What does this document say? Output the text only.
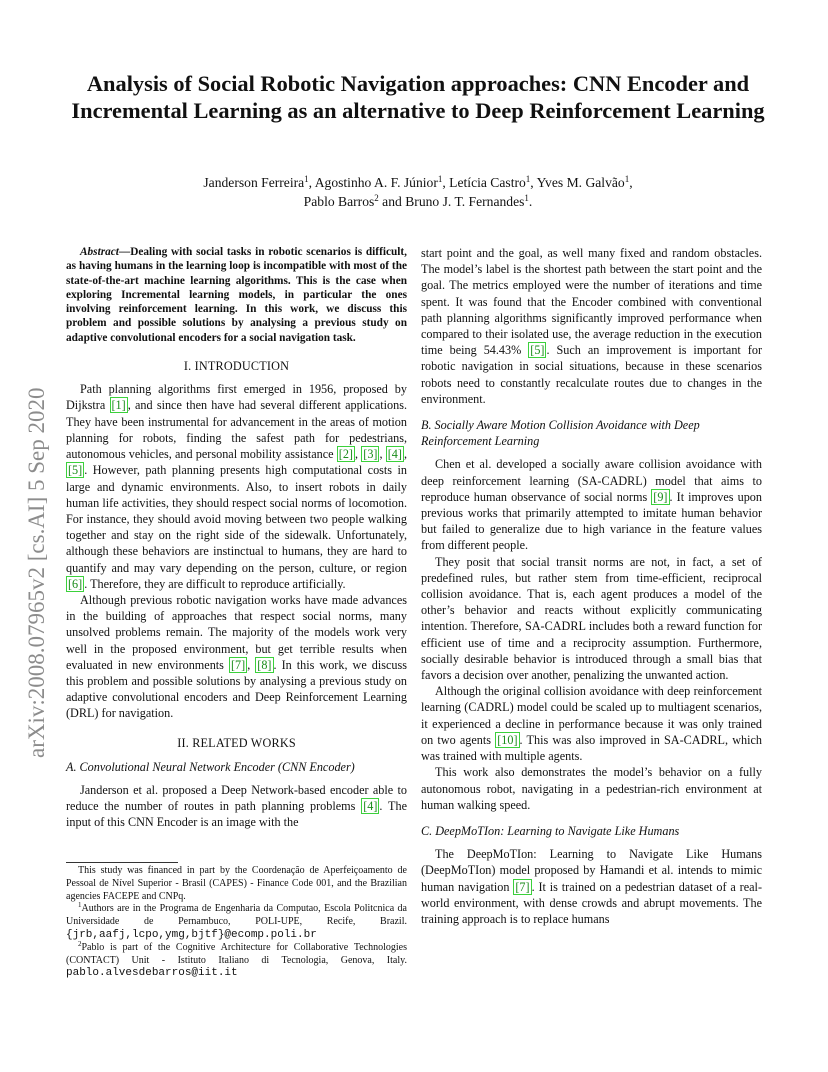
arXiv:2008.07965v2 [cs.AI] 5 Sep 2020
Analysis of Social Robotic Navigation approaches: CNN Encoder and Incremental Learning as an alternative to Deep Reinforcement Learning
Janderson Ferreira$^1$, Agostinho A. F. Júnior$^1$, Letícia Castro$^1$, Yves M. Galvão$^1$,
Pablo Barros$^2$ and Bruno J. T. Fernandes$^1$.

Abstract—Dealing with social tasks in robotic scenarios is difficult, as having humans in the learning loop is incompatible with most of the state-of-the-art machine learning algorithms. This is the case when exploring Incremental learning models, in particular the ones involving reinforcement learning. In this work, we discuss this problem and possible solutions by analysing a previous study on adaptive convolutional encoders for a social navigation task.

I. INTRODUCTION

Path planning algorithms first emerged in 1956, proposed by Dijkstra [1] , and since then have had several different applications. They have been instrumental for advancement in the areas of motion planning for robots, finding the safest path for pedestrians, autonomous vehicles, and personal mobility assistance [2] , [3] , [4] , [5] . However, path planning presents high computational costs in large and dynamic environments. Also, to insert robots in daily human life activities, they should respect social norms of locomotion. For instance, they should avoid moving between two people walking together and stay on the right side of the sidewalk. Unfortunately, although these behaviors are instinctual to humans, they are hard to quantify and may vary depending on the person, culture, or region [6] . Therefore, they are difficult to reproduce artificially.

Although previous robotic navigation works have made advances in the building of approaches that respect social norms, many unsolved problems remain. The majority of the models work very well in the proposed environment, but get terrible results when evaluated in new environments [7] , [8] . In this work, we discuss this problem and possible solutions by analysing a previous study on adaptive convolutional encoders and Deep Reinforcement Learning (DRL) for navigation.

II. RELATED WORKS
A. Convolutional Neural Network Encoder (CNN Encoder)

Janderson et al. proposed a Deep Network-based encoder able to reduce the number of routes in path planning problems [4] . The input of this CNN Encoder is an image with the

start point and the goal, as well many fixed and random obstacles. The model’s label is the shortest path between the start point and the goal. The metrics employed were the number of iterations and time spent. It was found that the Encoder combined with conventional path planning algorithms significantly improved performance when compared to their isolated use, the average reduction in the execution time being 54.43% [5] . Such an improvement is important for robotic navigation in social situations, because in these scenarios robots need to constantly recalculate routes due to changes in the environment.

B. Socially Aware Motion Collision Avoidance with Deep Reinforcement Learning

Chen et al. developed a socially aware collision avoidance with deep reinforcement learning (SA-CADRL) model that aims to reproduce human observance of social norms [9] . It improves upon previous works that primarily attempted to imitate human behavior but failed to generalize due to high variance in the feature values from different people.

They posit that social transit norms are not, in fact, a set of predefined rules, but rather stem from time-efficient, reciprocal collision avoidance. That is, each agent produces a model of the other’s behavior and reacts without explicitly communicating intention. Therefore, SA-CADRL includes both a reward function for efficient use of time and a reciprocity assumption. Furthermore, socially desirable behavior is introduced through a small bias that favors a decision over another, penalizing the unwanted action.

Although the original collision avoidance with deep reinforcement learning (CADRL) model could be scaled up to multiagent scenarios, it experienced a decline in performance because it was only trained on two agents [10] . This was also improved in SA-CADRL, which was trained with multiple agents.

This work also demonstrates the model’s behavior on a fully autonomous robot, navigating in a pedestrian-rich environment at human walking speed.

C. DeepMoTIon: Learning to Navigate Like Humans

The DeepMoTIon: Learning to Navigate Like Humans (DeepMoTIon) model proposed by Hamandi et al. intends to mimic human navigation [7] . It is trained on a pedestrian dataset of a real-world environment, with dense crowds and abrupt movements. The training approach is to replace humans

This study was financed in part by the Coordenação de Aperfeiçoamento de Pessoal de Nível Superior - Brasil (CAPES) - Finance Code 001, and the Brazilian agencies FACEPE and CNPq.

$^1$Authors are in the Programa de Engenharia da Computao, Escola Politcnica da Universidade de Pernambuco, POLI-UPE, Recife, Brazil. {jrb,aafj,lcpo,ymg,bjtf}@ecomp.poli.br

$^2$Pablo is part of the Cognitive Architecture for Collaborative Technologies (CONTACT) Unit - Istituto Italiano di Tecnologia, Genova, Italy. pablo.alvesdebarros@iit.it
